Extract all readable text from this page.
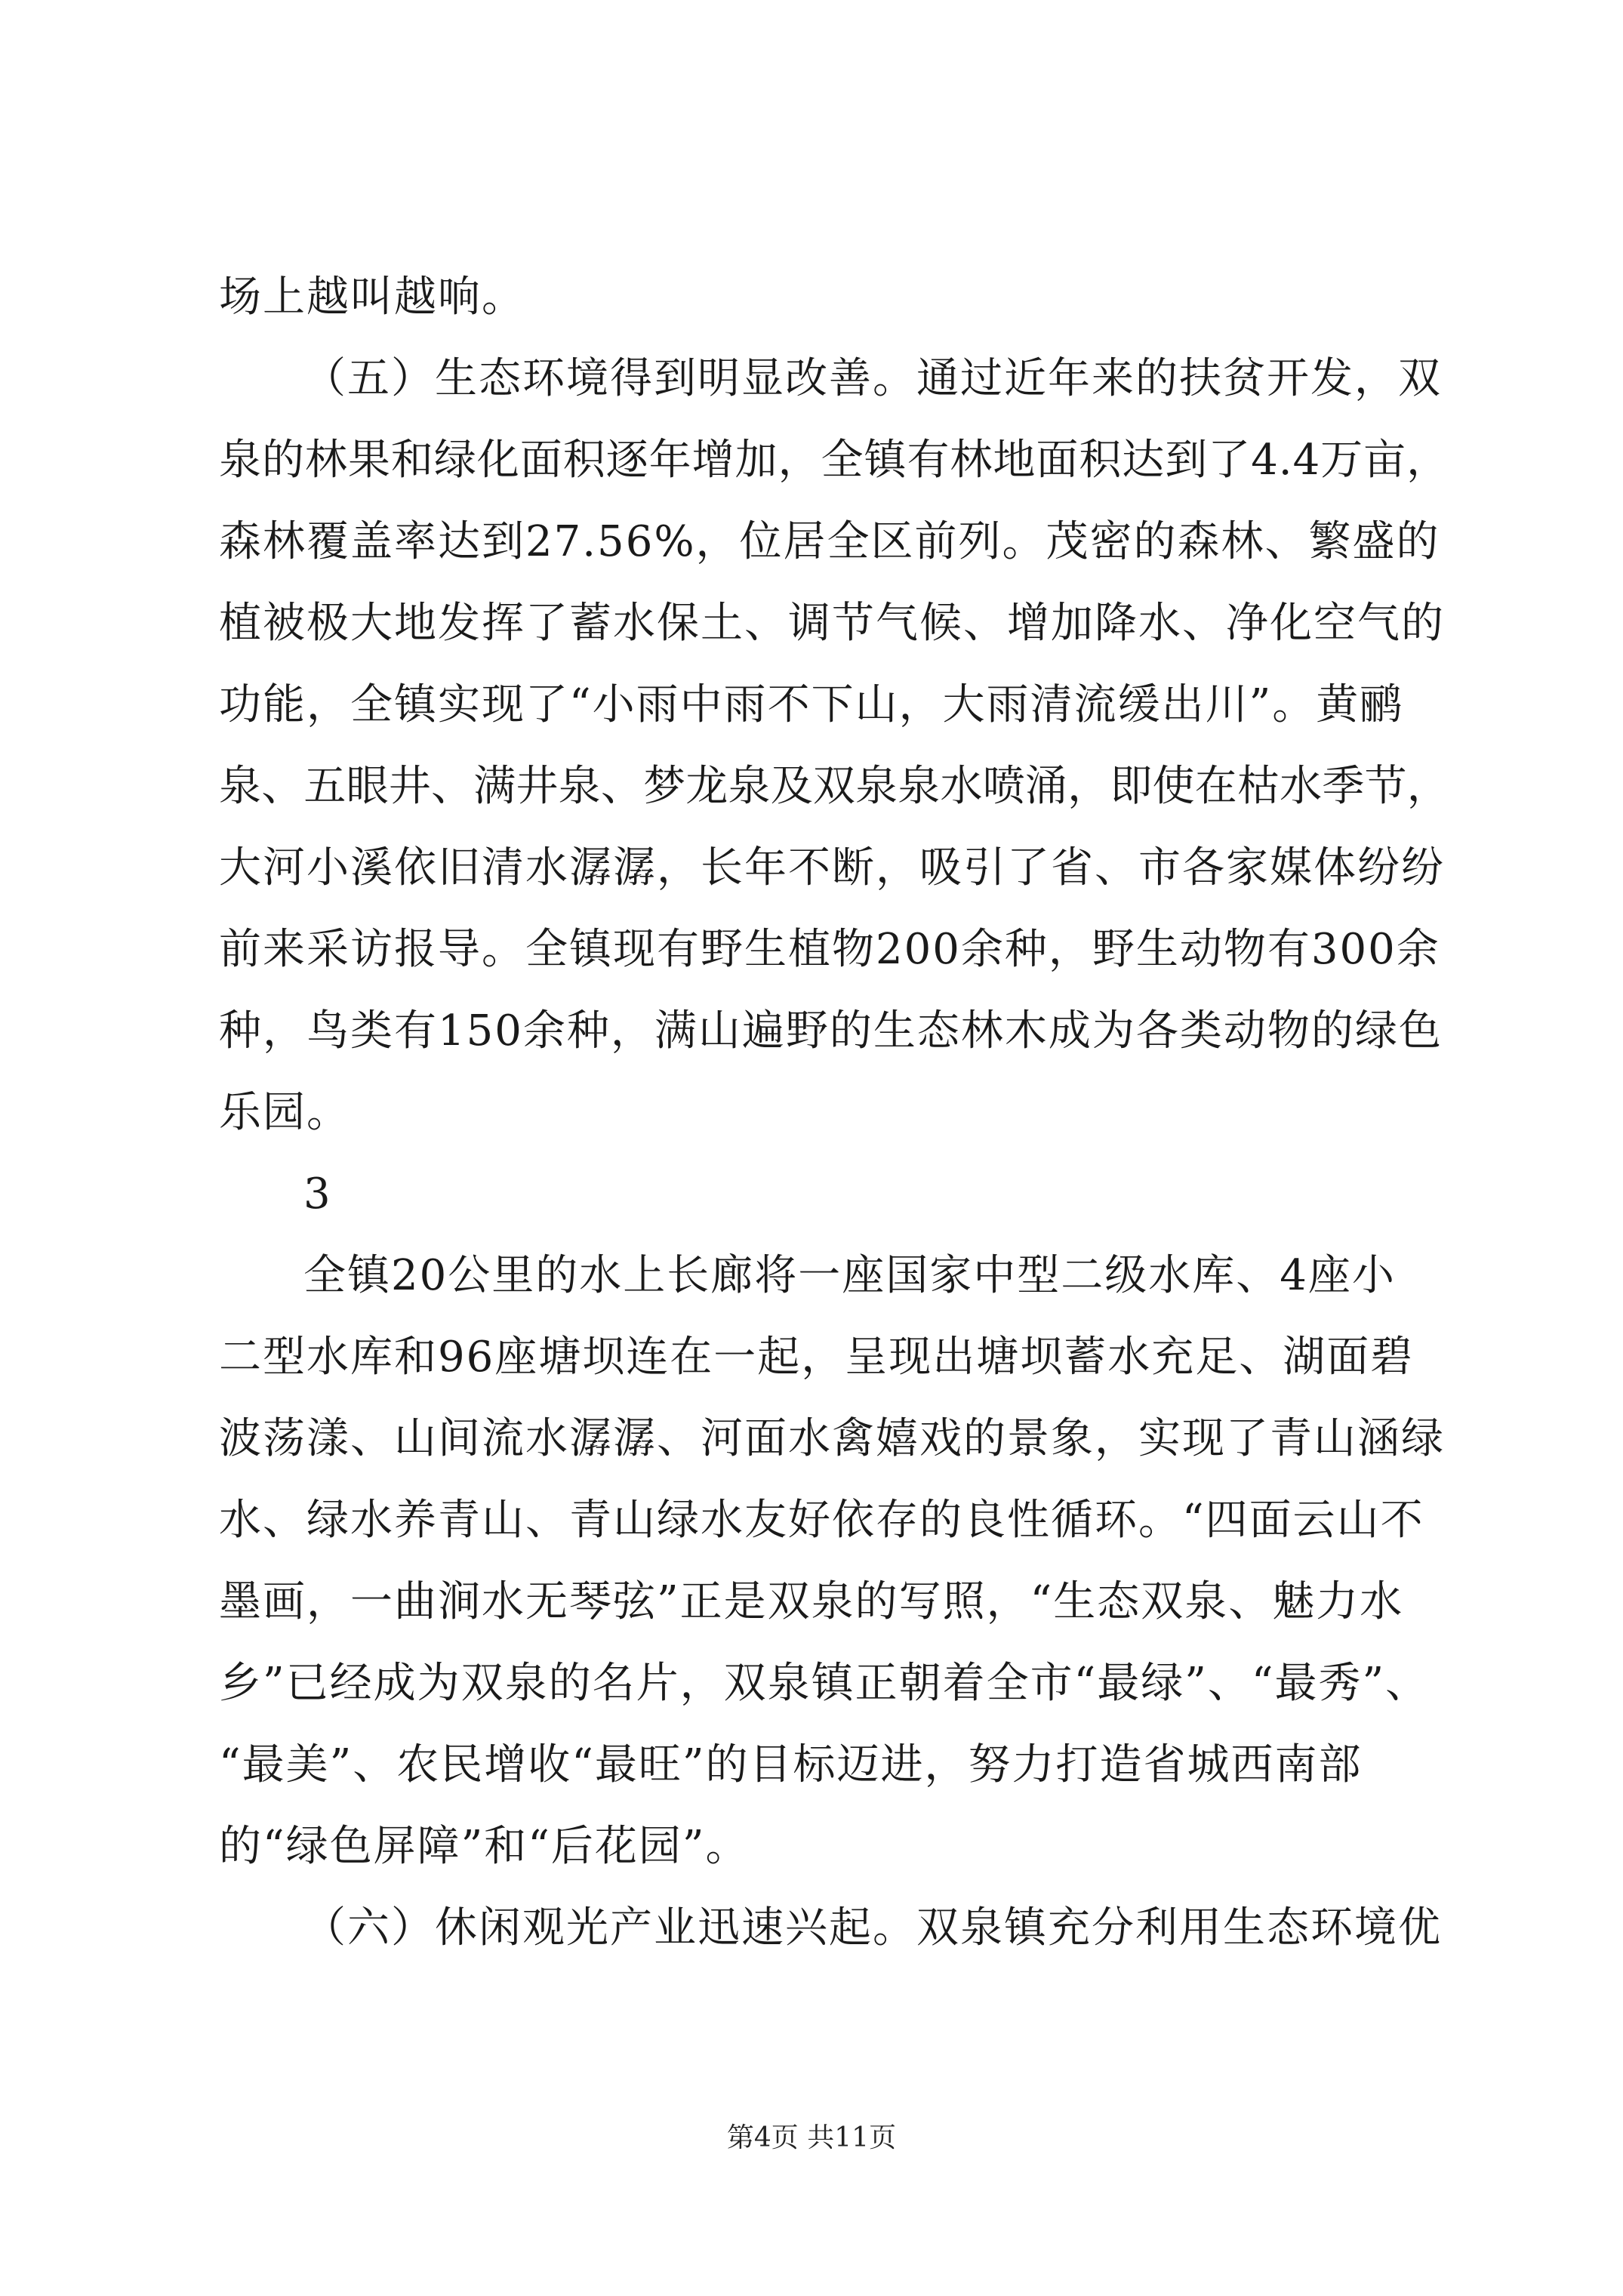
场上越叫越响。
（五）生态环境得到明显改善。通过近年来的扶贫开发，双
泉的林果和绿化面积逐年增加，全镇有林地面积达到了4.4万亩，
森林覆盖率达到27.56%，位居全区前列。茂密的森林、繁盛的
植被极大地发挥了蓄水保土、调节气候、增加降水、净化空气的
功能，全镇实现了“小雨中雨不下山，大雨清流缓出川”。黄鹂
泉、五眼井、满井泉、梦龙泉及双泉泉水喷涌，即使在枯水季节，
大河小溪依旧清水潺潺，长年不断，吸引了省、市各家媒体纷纷
前来采访报导。全镇现有野生植物200余种，野生动物有300余
种，鸟类有150余种，满山遍野的生态林木成为各类动物的绿色
乐园。
3
全镇20公里的水上长廊将一座国家中型二级水库、4座小
二型水库和96座塘坝连在一起，呈现出塘坝蓄水充足、湖面碧
波荡漾、山间流水潺潺、河面水禽嬉戏的景象，实现了青山涵绿
水、绿水养青山、青山绿水友好依存的良性循环。“四面云山不
墨画，一曲涧水无琴弦”正是双泉的写照，“生态双泉、魅力水
乡”已经成为双泉的名片，双泉镇正朝着全市“最绿”、“最秀”、
“最美”、农民增收“最旺”的目标迈进，努力打造省城西南部
的“绿色屏障”和“后花园”。
（六）休闲观光产业迅速兴起。双泉镇充分利用生态环境优
第4页 共11页
